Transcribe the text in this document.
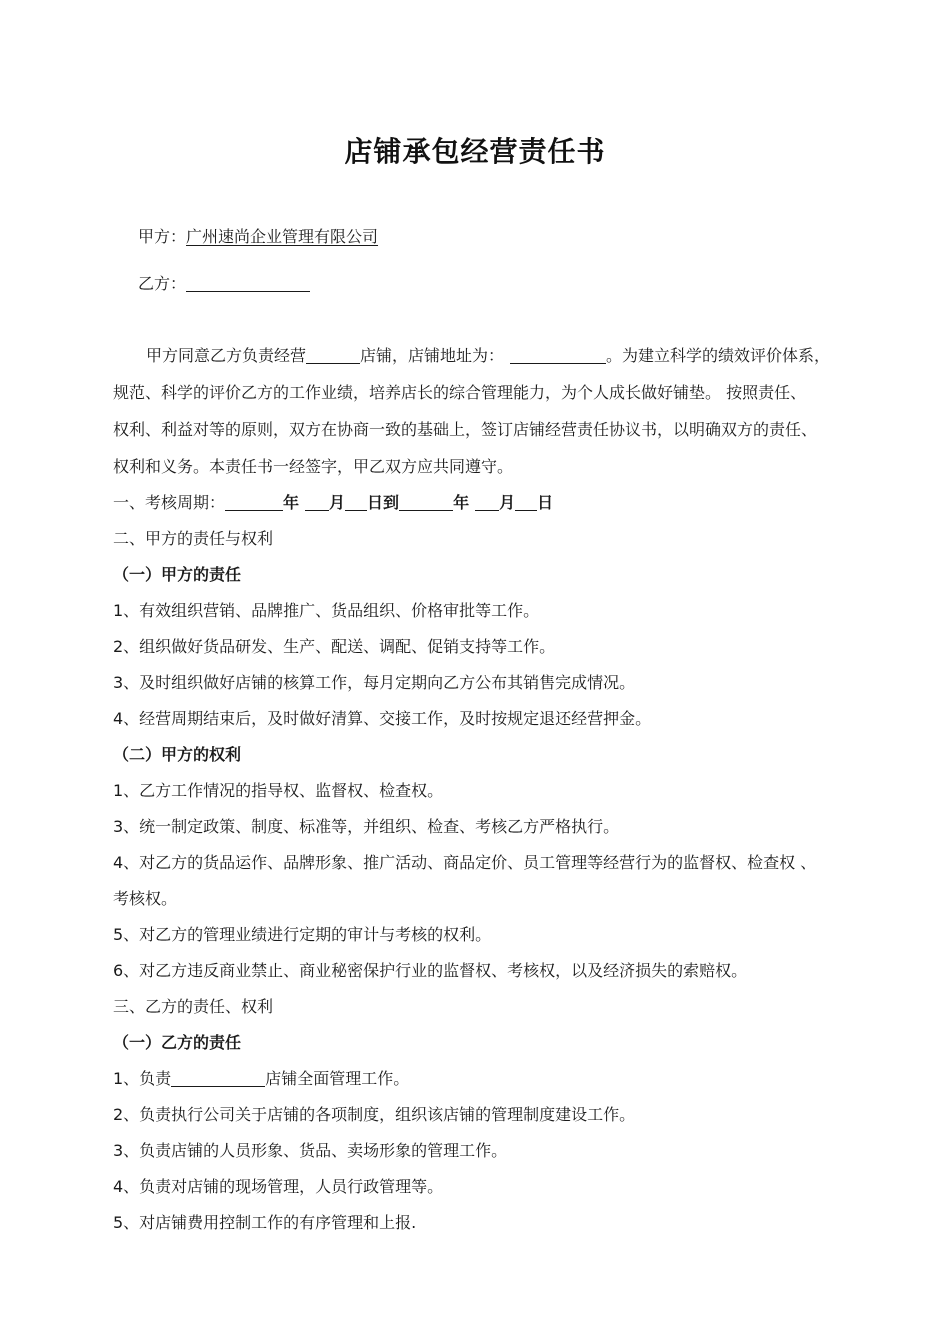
店铺承包经营责任书
甲方：广州速尚企业管理有限公司
乙方：
甲方同意乙方负责经营	店铺，店铺地址为：	。为建立科学的绩效评价体系，
规范、科学的评价乙方的工作业绩，培养店长的综合管理能力，为个人成长做好铺垫。 按照责任、
权利、利益对等的原则，双方在协商一致的基础上，签订店铺经营责任协议书，以明确双方的责任、
权利和义务。本责任书一经签字，甲乙双方应共同遵守。
一、考核周期：	年 月 日到	年 月 日
二、甲方的责任与权利
（一）甲方的责任
1、有效组织营销、品牌推广、货品组织、价格审批等工作。
2、组织做好货品研发、生产、配送、调配、促销支持等工作。
3、及时组织做好店铺的核算工作，每月定期向乙方公布其销售完成情况。
4、经营周期结束后，及时做好清算、交接工作，及时按规定退还经营押金。
（二）甲方的权利
1、乙方工作情况的指导权、监督权、检查权。
3、统一制定政策、制度、标准等，并组织、检查、考核乙方严格执行。
4、对乙方的货品运作、品牌形象、推广活动、商品定价、员工管理等经营行为的监督权、检查权 、
考核权。
5、对乙方的管理业绩进行定期的审计与考核的权利。
6、对乙方违反商业禁止、商业秘密保护行业的监督权、考核权，以及经济损失的索赔权。
三、乙方的责任、权利
（一）乙方的责任
1、负责	店铺全面管理工作。
2、负责执行公司关于店铺的各项制度，组织该店铺的管理制度建设工作。
3、负责店铺的人员形象、货品、卖场形象的管理工作。
4、负责对店铺的现场管理，人员行政管理等。
5、对店铺费用控制工作的有序管理和上报.
